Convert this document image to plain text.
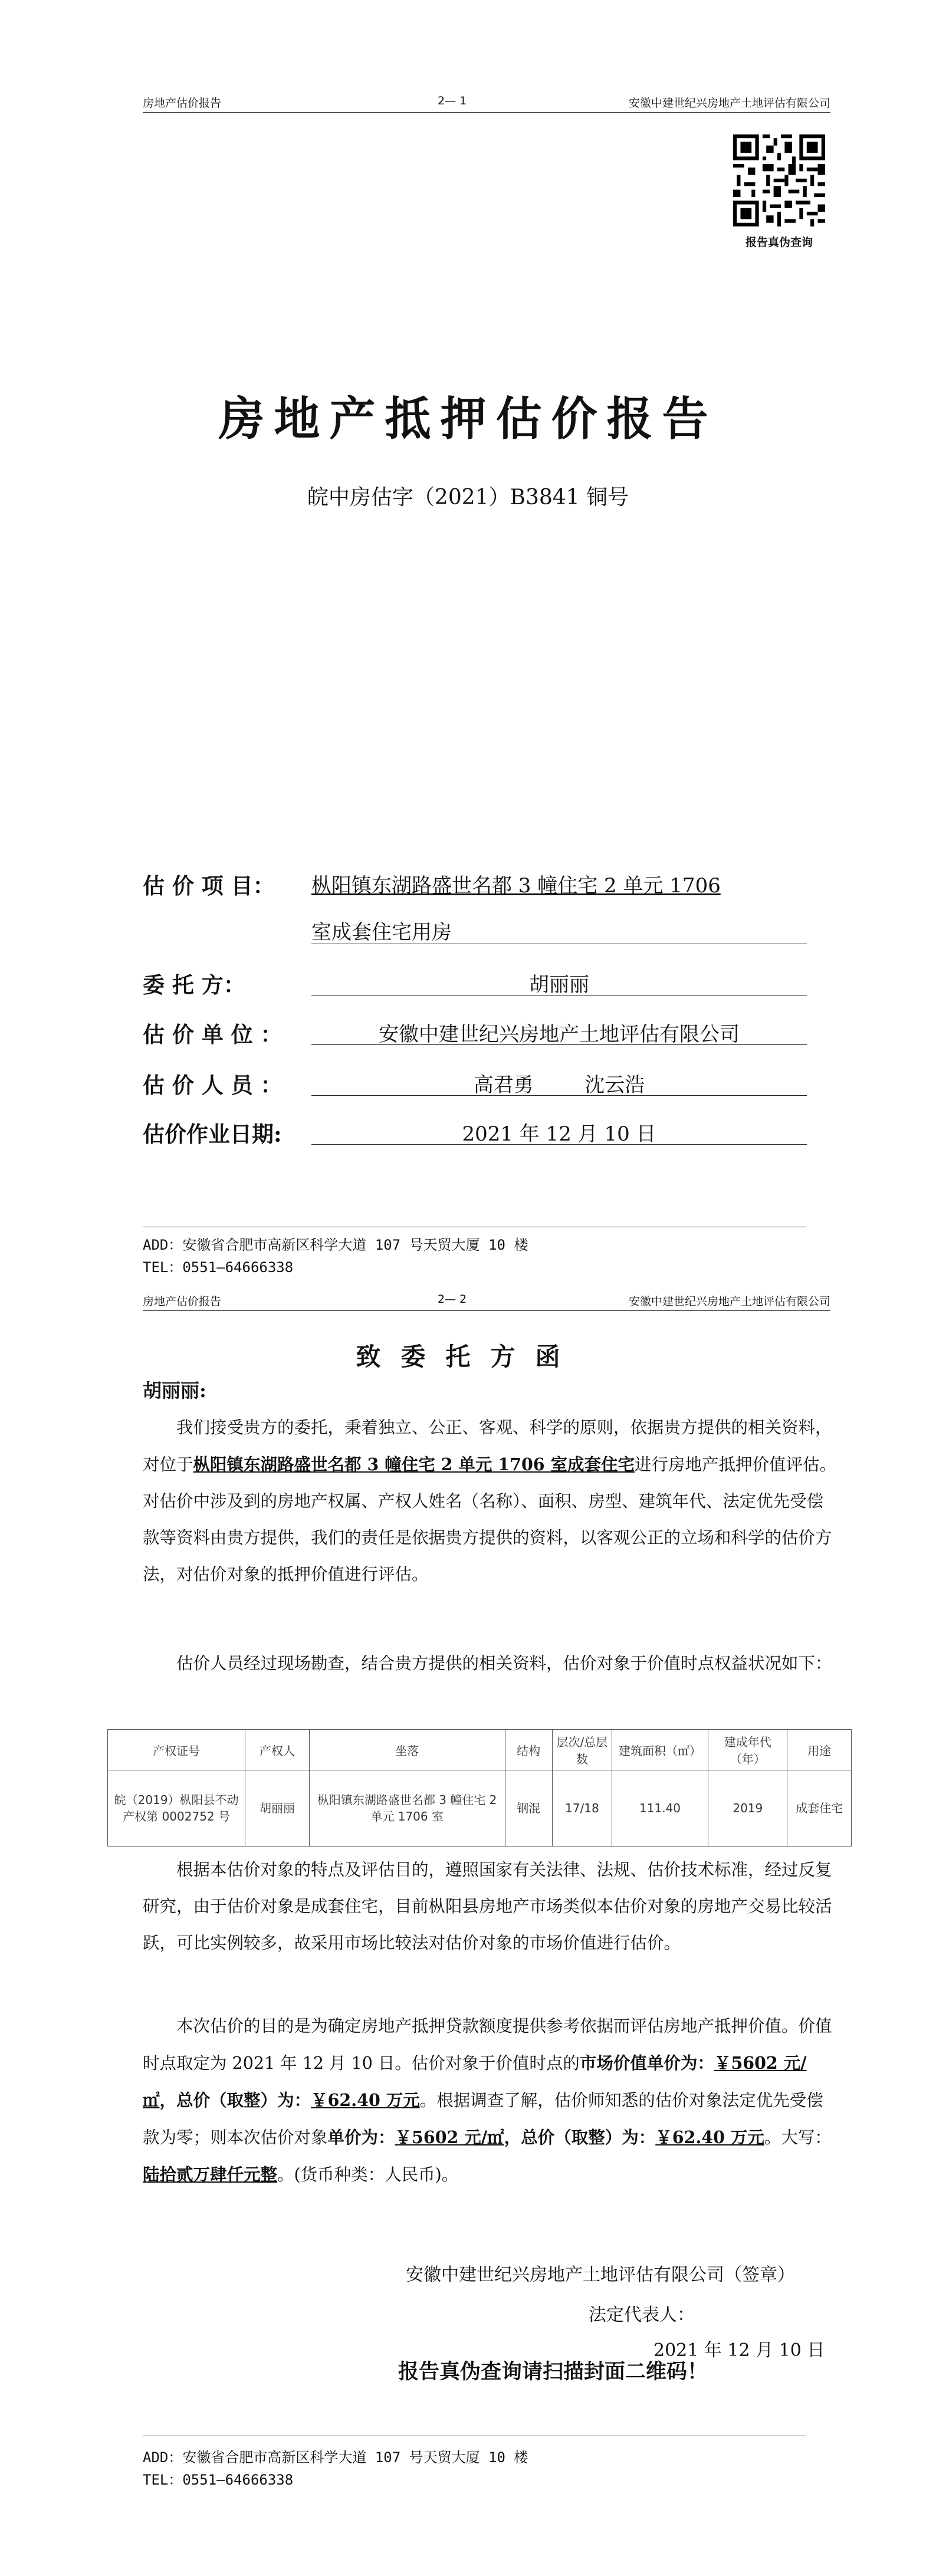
房地产估价报告	2— 1	安徽中建世纪兴房地产土地评估有限公司
报告真伪查询
房地产抵押估价报告
皖中房估字（2021）B3841 铜号
估 价 项 目： 枞阳镇东湖路盛世名都 3 幢住宅 2 单元 1706
室成套住宅用房
委 托 方：	胡丽丽
估 价 单 位 ：	安徽中建世纪兴房地产土地评估有限公司
估 价 人 员 ：	高君勇        沈云浩
估价作业日期:	2021 年 12 月 10 日
ADD：安徽省合肥市高新区科学大道 107 号天贸大厦 10 楼
TEL：0551—64666338
房地产估价报告	2— 2	安徽中建世纪兴房地产土地评估有限公司
致委托方函
胡丽丽:
我们接受贵方的委托，秉着独立、公正、客观、科学的原则，依据贵方提供的相关资料，对位于枞阳镇东湖路盛世名都 3 幢住宅 2 单元 1706 室成套住宅进行房地产抵押价值评估。对估价中涉及到的房地产权属、产权人姓名（名称）、面积、房型、建筑年代、法定优先受偿款等资料由贵方提供，我们的责任是依据贵方提供的资料，以客观公正的立场和科学的估价方法，对估价对象的抵押价值进行评估。
估价人员经过现场勘查，结合贵方提供的相关资料，估价对象于价值时点权益状况如下：
产权证号	产权人	坐落	结构	层次/总层数	建筑面积（㎡）	建成年代（年）	用途
皖（2019）枞阳县不动产权第 0002752 号	胡丽丽	枞阳镇东湖路盛世名都 3 幢住宅 2 单元 1706 室	钢混	17/18	111.40	2019	成套住宅
根据本估价对象的特点及评估目的，遵照国家有关法律、法规、估价技术标准，经过反复研究，由于估价对象是成套住宅，目前枞阳县房地产市场类似本估价对象的房地产交易比较活跃，可比实例较多，故采用市场比较法对估价对象的市场价值进行估价。
本次估价的目的是为确定房地产抵押贷款额度提供参考依据而评估房地产抵押价值。价值时点取定为 2021 年 12 月 10 日。估价对象于价值时点的市场价值单价为：￥5602 元/㎡，总价（取整）为：￥62.40 万元。根据调查了解，估价师知悉的估价对象法定优先受偿款为零；则本次估价对象单价为：￥5602 元/㎡，总价（取整）为：￥62.40 万元。大写：陆拾贰万肆仟元整。(货币种类：人民币)。
安徽中建世纪兴房地产土地评估有限公司（签章）
法定代表人：
2021 年 12 月 10 日
报告真伪查询请扫描封面二维码！
ADD：安徽省合肥市高新区科学大道 107 号天贸大厦 10 楼
TEL：0551—64666338
